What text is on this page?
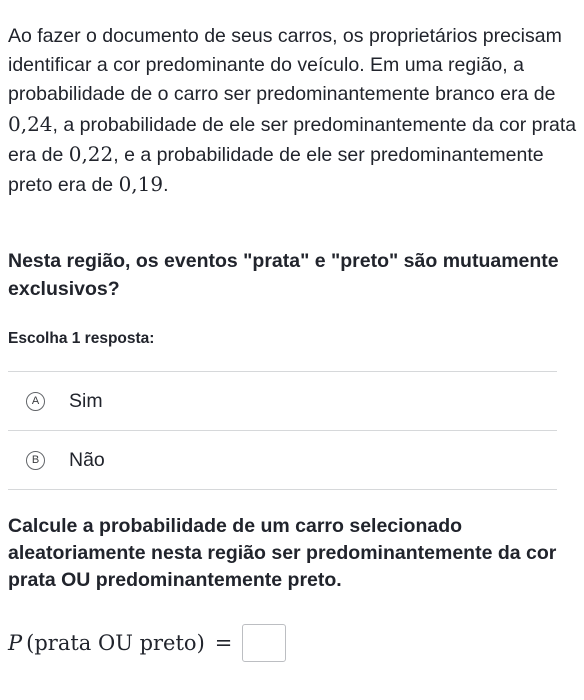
Ao fazer o documento de seus carros, os proprietários precisam identificar a cor predominante do veículo. Em uma região, a probabilidade de o carro ser predominantemente branco era de 0,24, a probabilidade de ele ser predominantemente da cor prata era de 0,22, e a probabilidade de ele ser predominantemente preto era de 0,19.

Nesta região, os eventos "prata" e "preto" são mutuamente exclusivos?

Escolha 1 resposta:

A Sim
B Não

Calcule a probabilidade de um carro selecionado aleatoriamente nesta região ser predominantemente da cor prata OU predominantemente preto.

P ( prata OU preto ) =
